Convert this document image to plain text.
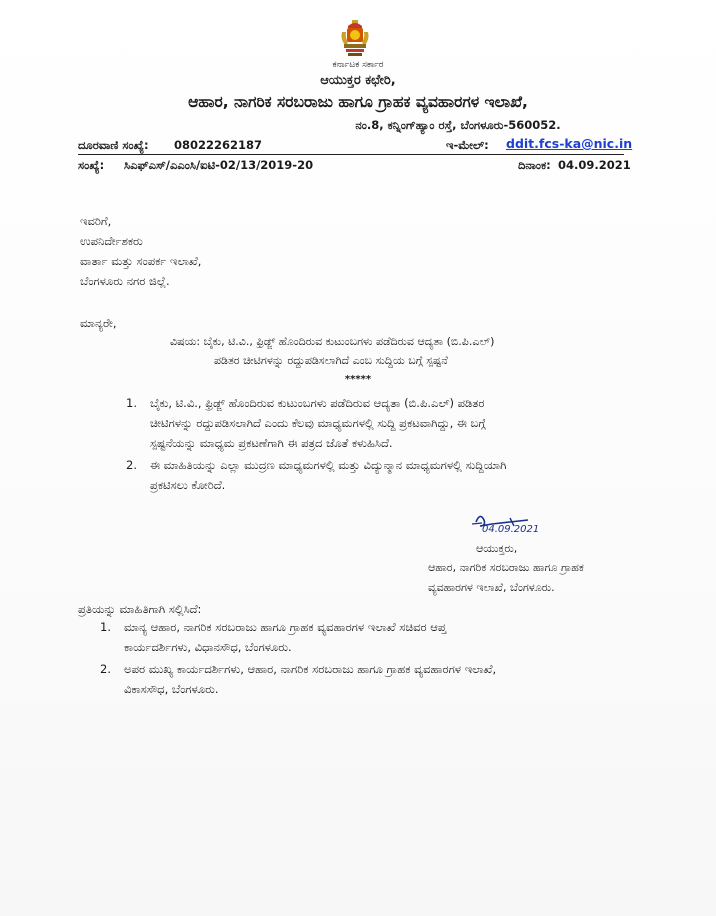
ಕರ್ನಾಟಕ ಸರ್ಕಾರ
ಆಯುಕ್ತರ ಕಛೇರಿ,
ಆಹಾರ, ನಾಗರಿಕ ಸರಬರಾಜು ಹಾಗೂ ಗ್ರಾಹಕ ವ್ಯವಹಾರಗಳ ಇಲಾಖೆ,
ನಂ.8, ಕನ್ನಿಂಗ್‌ಹ್ಯಾಂ ರಸ್ತೆ, ಬೆಂಗಳೂರು-560052.
ದೂರವಾಣಿ ಸಂಖ್ಯೆ: 08022262187	ಇ-ಮೇಲ್: ddit.fcs-ka@nic.in
ಸಂಖ್ಯೆ: ಸಿಎಫ್‌ಎಸ್/ಎಎಂಸಿ/ಐಟಿ-02/13/2019-20	ದಿನಾಂಕ: 04.09.2021
ಇವರಿಗೆ,
ಉಪನಿರ್ದೇಶಕರು
ವಾರ್ತಾ ಮತ್ತು ಸಂಪರ್ಕ ಇಲಾಖೆ,
ಬೆಂಗಳೂರು ನಗರ ಜಿಲ್ಲೆ.
ಮಾನ್ಯರೇ,
ವಿಷಯ: ಬೈಕು, ಟಿ.ವಿ., ಫ್ರಿಡ್ಜ್ ಹೊಂದಿರುವ ಕುಟುಂಬಗಳು ಪಡೆದಿರುವ ಆದ್ಯತಾ (ಬಿ.ಪಿ.ಎಲ್)
ಪಡಿತರ ಚೀಟಿಗಳನ್ನು ರದ್ದುಪಡಿಸಲಾಗಿದೆ ಎಂಬ ಸುದ್ದಿಯ ಬಗ್ಗೆ ಸ್ಪಷ್ಟನೆ
*****
1. ಬೈಕು, ಟಿ.ವಿ., ಫ್ರಿಡ್ಜ್ ಹೊಂದಿರುವ ಕುಟುಂಬಗಳು ಪಡೆದಿರುವ ಆದ್ಯತಾ (ಬಿ.ಪಿ.ಎಲ್) ಪಡಿತರ
ಚೀಟಿಗಳನ್ನು ರದ್ದುಪಡಿಸಲಾಗಿದೆ ಎಂದು ಕೆಲವು ಮಾಧ್ಯಮಗಳಲ್ಲಿ ಸುದ್ದಿ ಪ್ರಕಟವಾಗಿದ್ದು, ಈ ಬಗ್ಗೆ
ಸ್ಪಷ್ಟನೆಯನ್ನು ಮಾಧ್ಯಮ ಪ್ರಕಟಣೆಗಾಗಿ ಈ ಪತ್ರದ ಜೊತೆ ಕಳುಹಿಸಿದೆ.
2. ಈ ಮಾಹಿತಿಯನ್ನು ಎಲ್ಲಾ ಮುದ್ರಣ ಮಾಧ್ಯಮಗಳಲ್ಲಿ ಮತ್ತು ವಿದ್ಯುನ್ಮಾನ ಮಾಧ್ಯಮಗಳಲ್ಲಿ ಸುದ್ದಿಯಾಗಿ
ಪ್ರಕಟಿಸಲು ಕೋರಿದೆ.
04.09.2021
ಆಯುಕ್ತರು,
ಆಹಾರ, ನಾಗರಿಕ ಸರಬರಾಜು ಹಾಗೂ ಗ್ರಾಹಕ
ವ್ಯವಹಾರಗಳ ಇಲಾಖೆ, ಬೆಂಗಳೂರು.
ಪ್ರತಿಯನ್ನು ಮಾಹಿತಿಗಾಗಿ ಸಲ್ಲಿಸಿದೆ:
1. ಮಾನ್ಯ ಆಹಾರ, ನಾಗರಿಕ ಸರಬರಾಜು ಹಾಗೂ ಗ್ರಾಹಕ ವ್ಯವಹಾರಗಳ ಇಲಾಖೆ ಸಚಿವರ ಆಪ್ತ
ಕಾರ್ಯದರ್ಶಿಗಳು, ವಿಧಾನಸೌಧ, ಬೆಂಗಳೂರು.
2. ಅಪರ ಮುಖ್ಯ ಕಾರ್ಯದರ್ಶಿಗಳು, ಆಹಾರ, ನಾಗರಿಕ ಸರಬರಾಜು ಹಾಗೂ ಗ್ರಾಹಕ ವ್ಯವಹಾರಗಳ ಇಲಾಖೆ,
ವಿಕಾಸಸೌಧ, ಬೆಂಗಳೂರು.
